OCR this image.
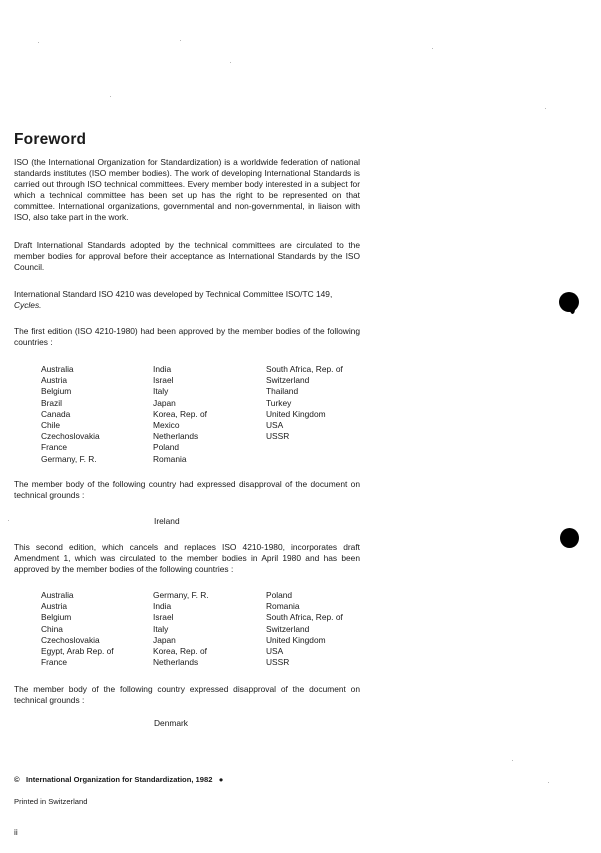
Foreword

ISO (the International Organization for Standardization) is a worldwide federation of national standards institutes (ISO member bodies). The work of developing International Standards is carried out through ISO technical committees. Every member body interested in a subject for which a technical committee has been set up has the right to be represented on that committee. International organizations, governmental and non-governmental, in liaison with ISO, also take part in the work.

Draft International Standards adopted by the technical committees are circulated to the member bodies for approval before their acceptance as International Standards by the ISO Council.

International Standard ISO 4210 was developed by Technical Committee ISO/TC 149,
Cycles.

The first edition (ISO 4210-1980) had been approved by the member bodies of the following countries :

Australia
Austria
Belgium
Brazil
Canada
Chile
Czechoslovakia
France
Germany, F. R.
India
Israel
Italy
Japan
Korea, Rep. of
Mexico
Netherlands
Poland
Romania
South Africa, Rep. of
Switzerland
Thailand
Turkey
United Kingdom
USA
USSR

The member body of the following country had expressed disapproval of the document on technical grounds :

Ireland

This second edition, which cancels and replaces ISO 4210-1980, incorporates draft Amendment 1, which was circulated to the member bodies in April 1980 and has been approved by the member bodies of the following countries :

Australia
Austria
Belgium
China
Czechoslovakia
Egypt, Arab Rep. of
France
Germany, F. R.
India
Israel
Italy
Japan
Korea, Rep. of
Netherlands
Poland
Romania
South Africa, Rep. of
Switzerland
United Kingdom
USA
USSR

The member body of the following country expressed disapproval of the document on technical grounds :

Denmark

© International Organization for Standardization, 1982 ●

Printed in Switzerland

ii
